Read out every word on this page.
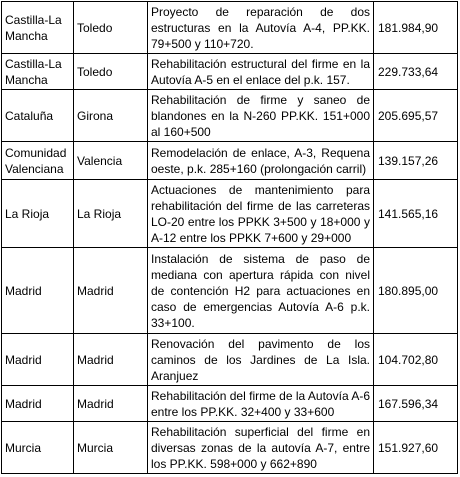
Castilla-La Mancha	Toledo	Proyecto de reparación de dos estructuras en la Autovía A-4, PP.KK. 79+500 y 110+720.	181.984,90
Castilla-La Mancha	Toledo	Rehabilitación estructural del firme en la Autovía A-5 en el enlace del p.k. 157.	229.733,64
Cataluña	Girona	Rehabilitación de firme y saneo de blandones en la N-260 PP.KK. 151+000 al 160+500	205.695,57
Comunidad Valenciana	Valencia	Remodelación de enlace, A-3, Requena oeste, p.k. 285+160 (prolongación carril)	139.157,26
La Rioja	La Rioja	Actuaciones de mantenimiento para rehabilitación del firme de las carreteras LO-20 entre los PPKK 3+500 y 18+000 y A-12 entre los PPKK 7+600 y 29+000	141.565,16
Madrid	Madrid	Instalación de sistema de paso de mediana con apertura rápida con nivel de contención H2 para actuaciones en caso de emergencias Autovía A-6 p.k. 33+100.	180.895,00
Madrid	Madrid	Renovación del pavimento de los caminos de los Jardines de La Isla. Aranjuez	104.702,80
Madrid	Madrid	Rehabilitación del firme de la Autovía A-6 entre los PP.KK. 32+400 y 33+600	167.596,34
Murcia	Murcia	Rehabilitación superficial del firme en diversas zonas de la autovía A-7, entre los PP.KK. 598+000 y 662+890	151.927,60
